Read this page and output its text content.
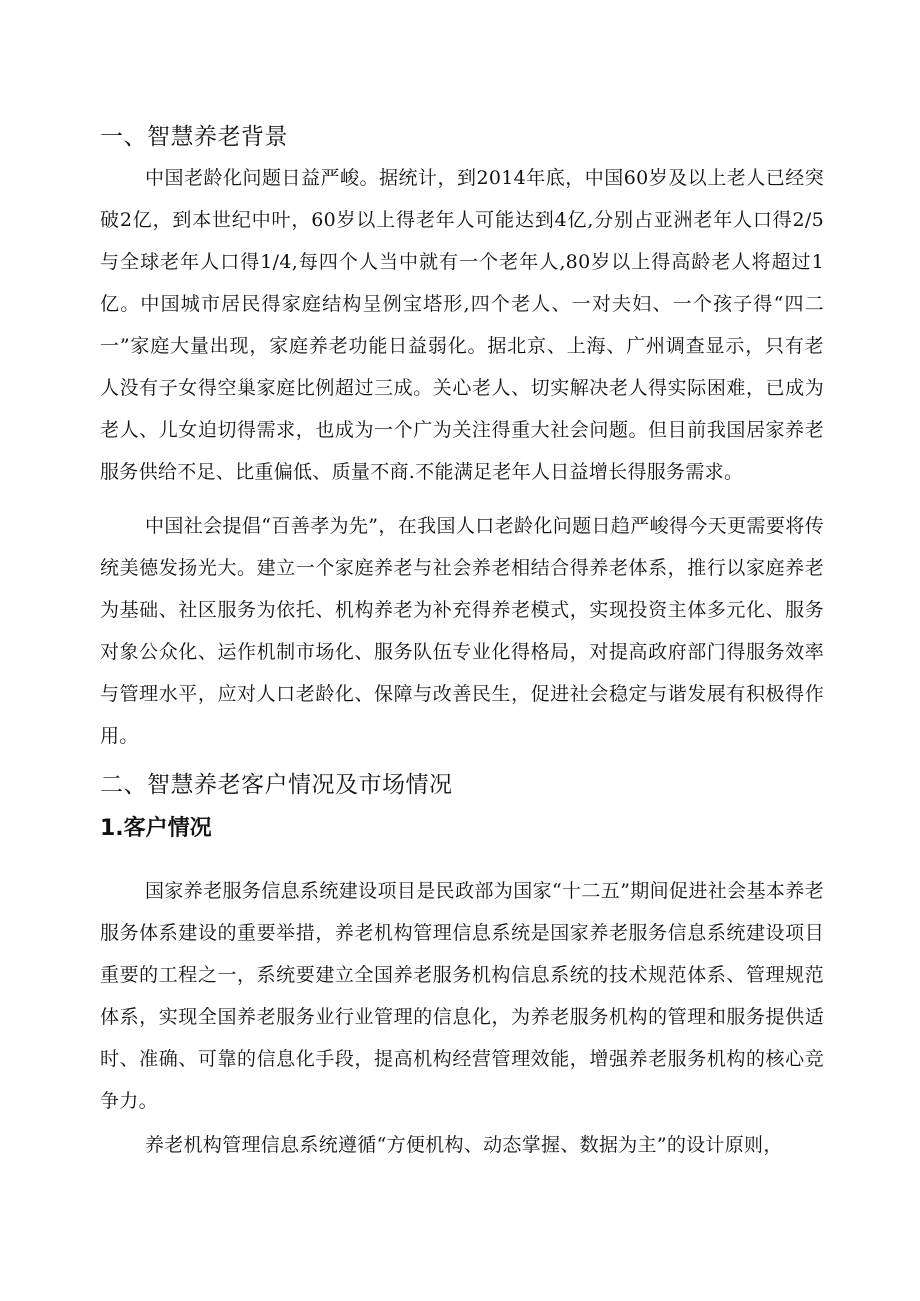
一、智慧养老背景

中国老龄化问题日益严峻。据统计，到2014年底，中国60岁及以上老人已经突破2亿，到本世纪中叶，60岁以上得老年人可能达到4亿,分别占亚洲老年人口得2/5与全球老年人口得1/4,每四个人当中就有一个老年人,80岁以上得高龄老人将超过1亿。中国城市居民得家庭结构呈例宝塔形,四个老人、一对夫妇、一个孩子得“四二一”家庭大量出现，家庭养老功能日益弱化。据北京、上海、广州调查显示，只有老人没有子女得空巢家庭比例超过三成。关心老人、切实解决老人得实际困难，已成为老人、儿女迫切得需求，也成为一个广为关注得重大社会问题。但目前我国居家养老服务供给不足、比重偏低、质量不商.不能满足老年人日益增长得服务需求。

中国社会提倡“百善孝为先”，在我国人口老龄化问题日趋严峻得今天更需要将传统美德发扬光大。建立一个家庭养老与社会养老相结合得养老体系，推行以家庭养老为基础、社区服务为依托、机构养老为补充得养老模式，实现投资主体多元化、服务对象公众化、运作机制市场化、服务队伍专业化得格局，对提高政府部门得服务效率与管理水平，应对人口老龄化、保障与改善民生，促进社会稳定与谐发展有积极得作用。

二、智慧养老客户情况及市场情况
1.客户情况

国家养老服务信息系统建设项目是民政部为国家“十二五”期间促进社会基本养老服务体系建设的重要举措，养老机构管理信息系统是国家养老服务信息系统建设项目重要的工程之一，系统要建立全国养老服务机构信息系统的技术规范体系、管理规范体系，实现全国养老服务业行业管理的信息化，为养老服务机构的管理和服务提供适时、准确、可靠的信息化手段，提高机构经营管理效能，增强养老服务机构的核心竞争力。

养老机构管理信息系统遵循“方便机构、动态掌握、数据为主”的设计原则，
